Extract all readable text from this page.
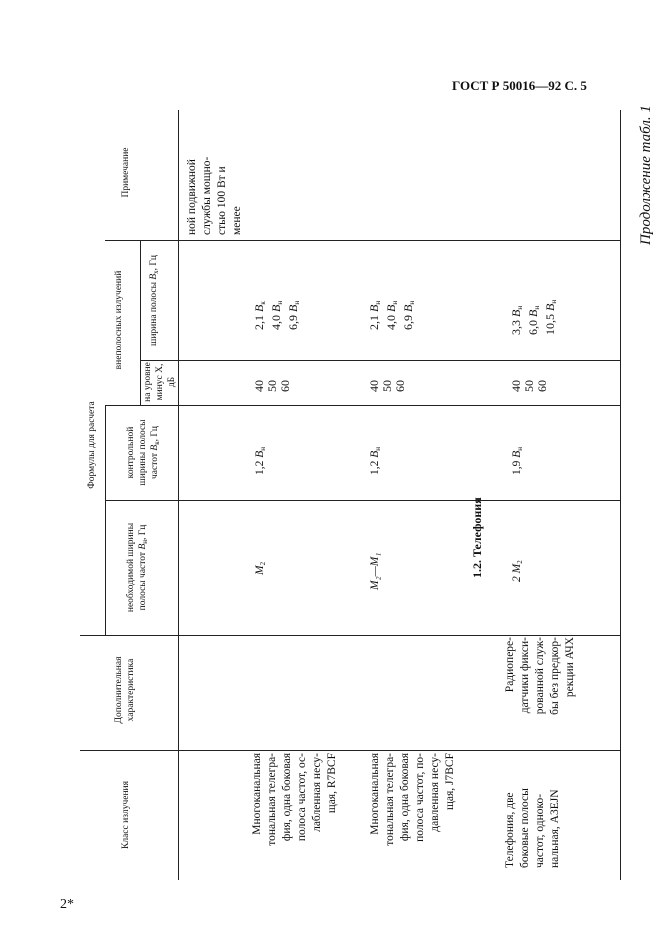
ГОСТ Р 50016—92 С. 5
2*
Продолжение табл. 1
Класс излучения
Дополнительная характеристика
Формулы для расчета
необходимой ширины полосы частот $B_н$, Гц
контрольной ширины полосы частот $B_к$, Гц
внеполосных излучений
на уровне минус X, дБ
ширина полосы $B_x$, Гц
Примечание	ной подвижной службы мощно- стью 100 Вт и менее
Многоканальная тональная телегра- фия, одна боковая полоса частот, ос- лабленная несу- щая, R7BCF
$M_2$
1,2 $B_н$
40 50 60
2,1 $B_к$
4,0 $B_н$
6,9 $B_н$
Многоканальная тональная телегра- фия, одна боковая полоса частот, по- давленная несу- щая, J7BCF
M₂—M₁
1,2 $B_н$
40 50 60
2,1 $B_н$
4,0 $B_н$
6,9 $B_н$
1.2. Телефония
Телефония, две боковые полосы частот, одноко- нальная, A3EJN
Радиопере- датчики фикси- рованной служ- бы без предкор- рекции АЧХ
2 $M_2$
1,9 $B_н$
40 50 60
3,3 $B_н$
6,0 $B_н$
10,5 $B_н$
